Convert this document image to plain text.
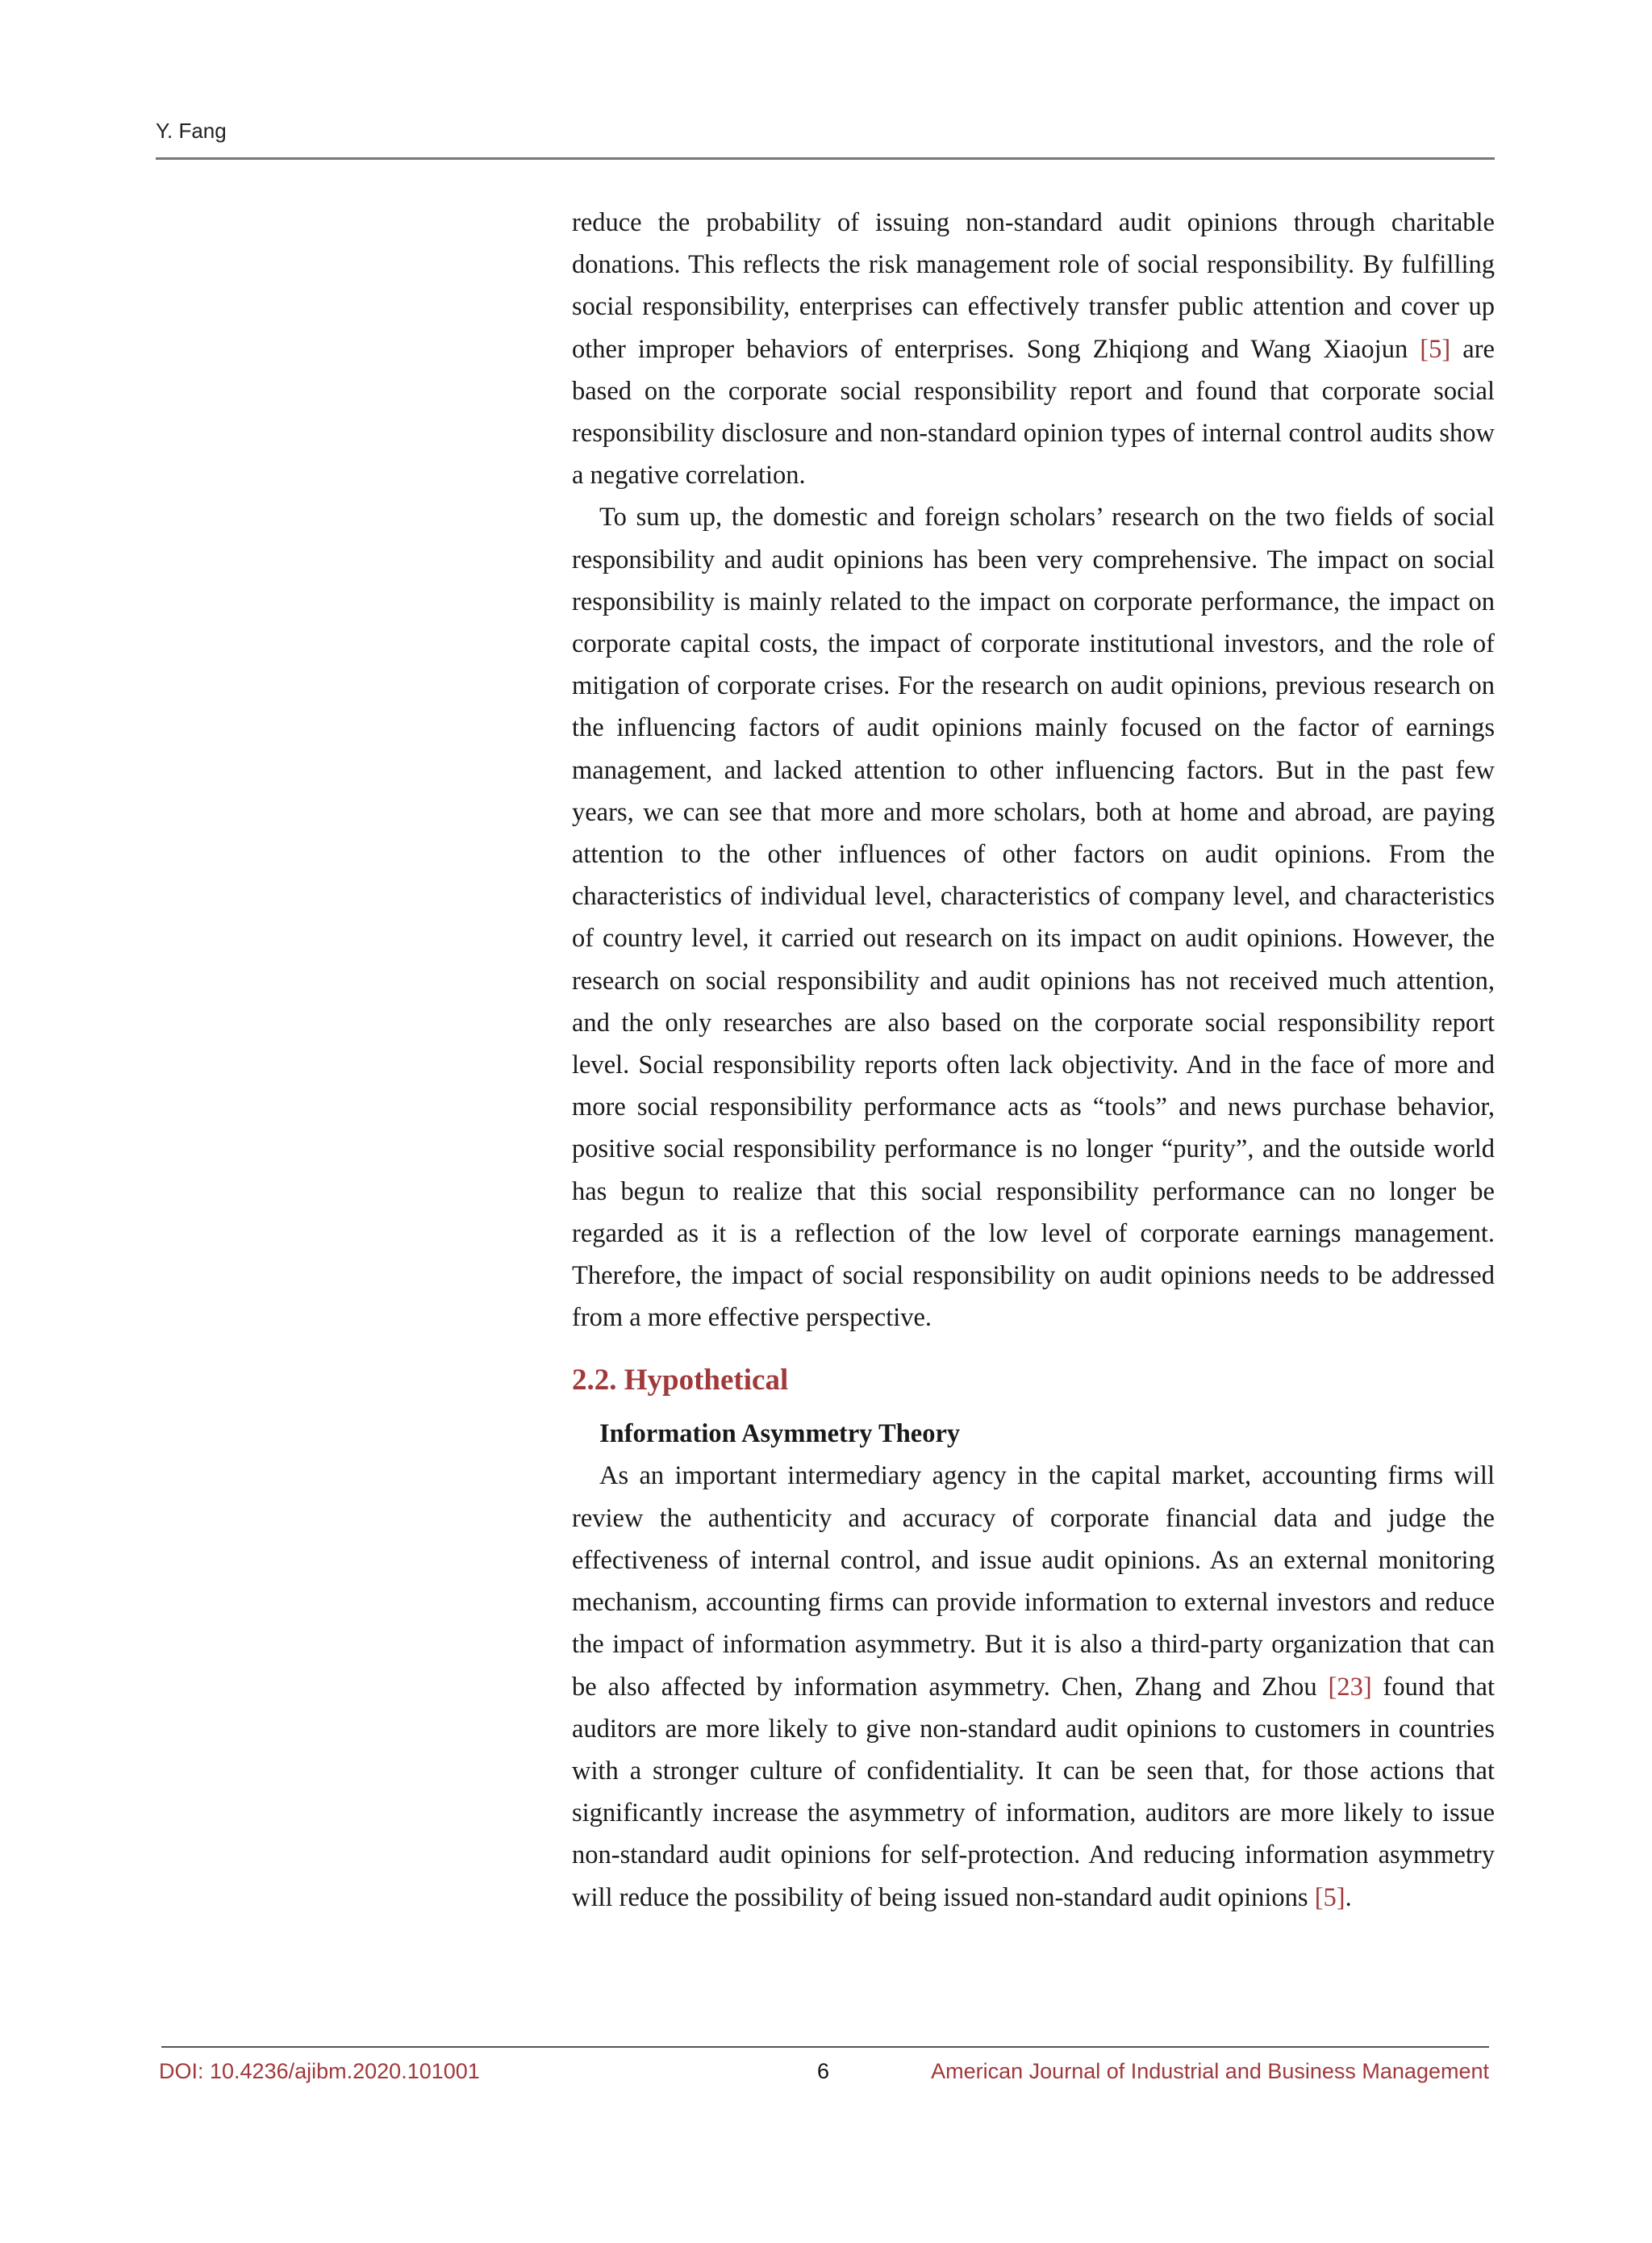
Y. Fang

reduce the probability of issuing non-standard audit opinions through charitable donations. This reflects the risk management role of social responsibility. By fulfilling social responsibility, enterprises can effectively transfer public attention and cover up other improper behaviors of enterprises. Song Zhiqiong and Wang Xiaojun [5] are based on the corporate social responsibility report and found that corporate social responsibility disclosure and non-standard opinion types of internal control audits show a negative correlation.

To sum up, the domestic and foreign scholars’ research on the two fields of social responsibility and audit opinions has been very comprehensive. The impact on social responsibility is mainly related to the impact on corporate performance, the impact on corporate capital costs, the impact of corporate institutional investors, and the role of mitigation of corporate crises. For the research on audit opinions, previous research on the influencing factors of audit opinions mainly focused on the factor of earnings management, and lacked attention to other influencing factors. But in the past few years, we can see that more and more scholars, both at home and abroad, are paying attention to the other influences of other factors on audit opinions. From the characteristics of individual level, characteristics of company level, and characteristics of country level, it carried out research on its impact on audit opinions. However, the research on social responsibility and audit opinions has not received much attention, and the only researches are also based on the corporate social responsibility report level. Social responsibility reports often lack objectivity. And in the face of more and more social responsibility performance acts as “tools” and news purchase behavior, positive social responsibility performance is no longer “purity”, and the outside world has begun to realize that this social responsibility performance can no longer be regarded as it is a reflection of the low level of corporate earnings management. Therefore, the impact of social responsibility on audit opinions needs to be addressed from a more effective perspective.

2.2. Hypothetical

Information Asymmetry Theory

As an important intermediary agency in the capital market, accounting firms will review the authenticity and accuracy of corporate financial data and judge the effectiveness of internal control, and issue audit opinions. As an external monitoring mechanism, accounting firms can provide information to external investors and reduce the impact of information asymmetry. But it is also a third-party organization that can be also affected by information asymmetry. Chen, Zhang and Zhou [23] found that auditors are more likely to give non-standard audit opinions to customers in countries with a stronger culture of confidentiality. It can be seen that, for those actions that significantly increase the asymmetry of information, auditors are more likely to issue non-standard audit opinions for self-protection. And reducing information asymmetry will reduce the possibility of being issued non-standard audit opinions [5].

DOI: 10.4236/ajibm.2020.101001	6	American Journal of Industrial and Business Management
